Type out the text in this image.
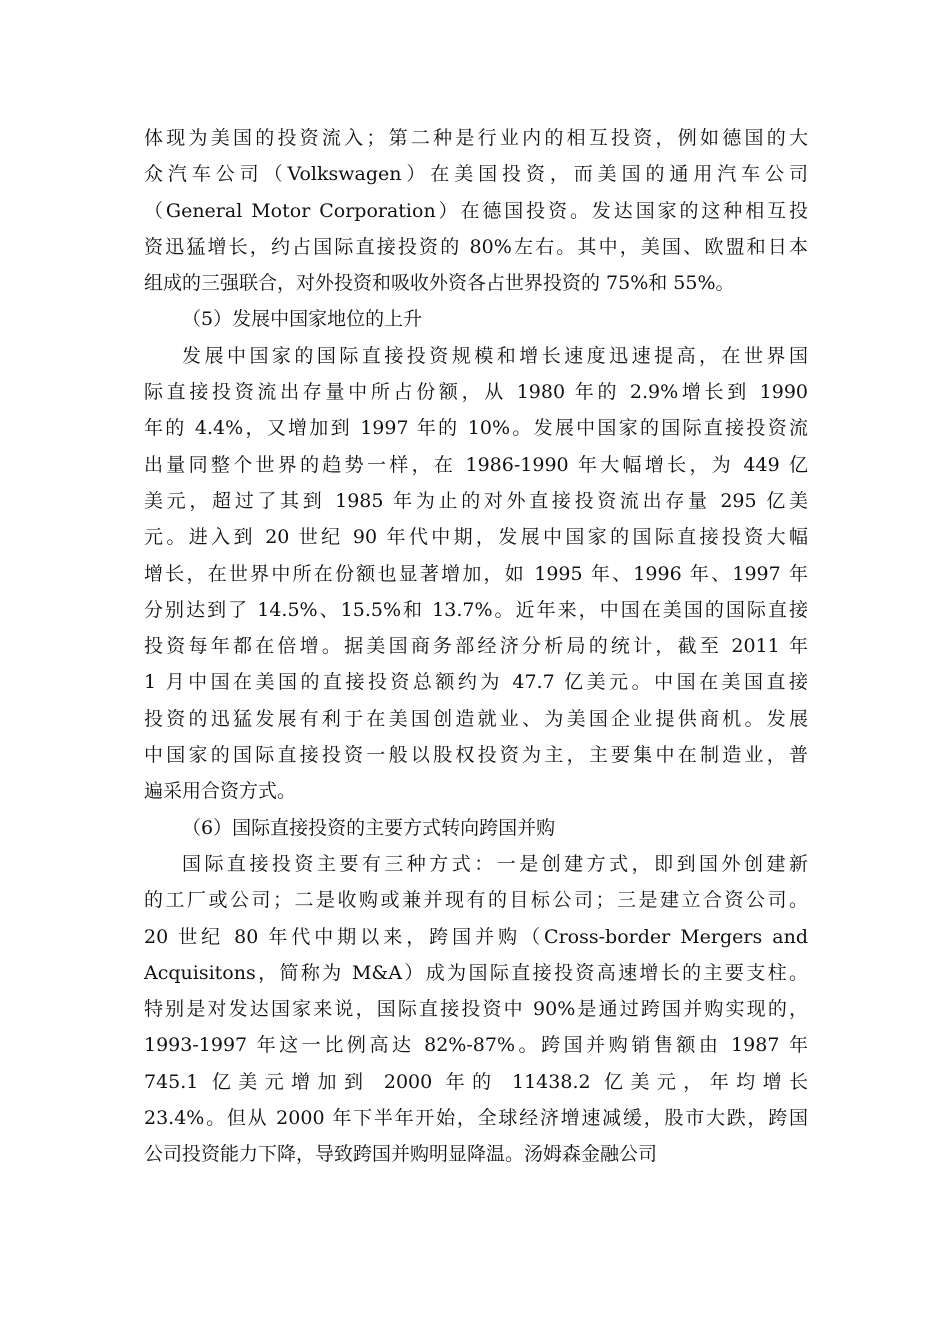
体现为美国的投资流入；第二种是行业内的相互投资，例如德国的大
众汽车公司（Volkswagen）在美国投资，而美国的通用汽车公司
（General Motor Corporation）在德国投资。发达国家的这种相互投
资迅猛增长，约占国际直接投资的 80%左右。其中，美国、欧盟和日本
组成的三强联合，对外投资和吸收外资各占世界投资的 75%和 55%。
（5）发展中国家地位的上升
发展中国家的国际直接投资规模和增长速度迅速提高，在世界国
际直接投资流出存量中所占份额，从 1980 年的 2.9%增长到 1990
年的 4.4%，又增加到 1997 年的 10%。发展中国家的国际直接投资流
出量同整个世界的趋势一样，在 1986-1990 年大幅增长，为 449 亿
美元，超过了其到 1985 年为止的对外直接投资流出存量 295 亿美
元。进入到 20 世纪 90 年代中期，发展中国家的国际直接投资大幅
增长，在世界中所在份额也显著增加，如 1995 年、1996 年、1997 年
分别达到了 14.5%、15.5%和 13.7%。近年来，中国在美国的国际直接
投资每年都在倍增。据美国商务部经济分析局的统计，截至 2011 年
1 月中国在美国的直接投资总额约为 47.7 亿美元。中国在美国直接
投资的迅猛发展有利于在美国创造就业、为美国企业提供商机。发展
中国家的国际直接投资一般以股权投资为主，主要集中在制造业，普
遍采用合资方式。
（6）国际直接投资的主要方式转向跨国并购
国际直接投资主要有三种方式：一是创建方式，即到国外创建新
的工厂或公司；二是收购或兼并现有的目标公司；三是建立合资公司。
20 世纪 80 年代中期以来，跨国并购（Cross-border Mergers and
Acquisitons，简称为 M&A）成为国际直接投资高速增长的主要支柱。
特别是对发达国家来说，国际直接投资中 90%是通过跨国并购实现的，
1993-1997 年这一比例高达 82%-87%。跨国并购销售额由 1987 年
745.1 亿美元增加到 2000 年的 11438.2 亿美元，年均增长
23.4%。但从 2000 年下半年开始，全球经济增速减缓，股市大跌，跨国
公司投资能力下降，导致跨国并购明显降温。汤姆森金融公司
